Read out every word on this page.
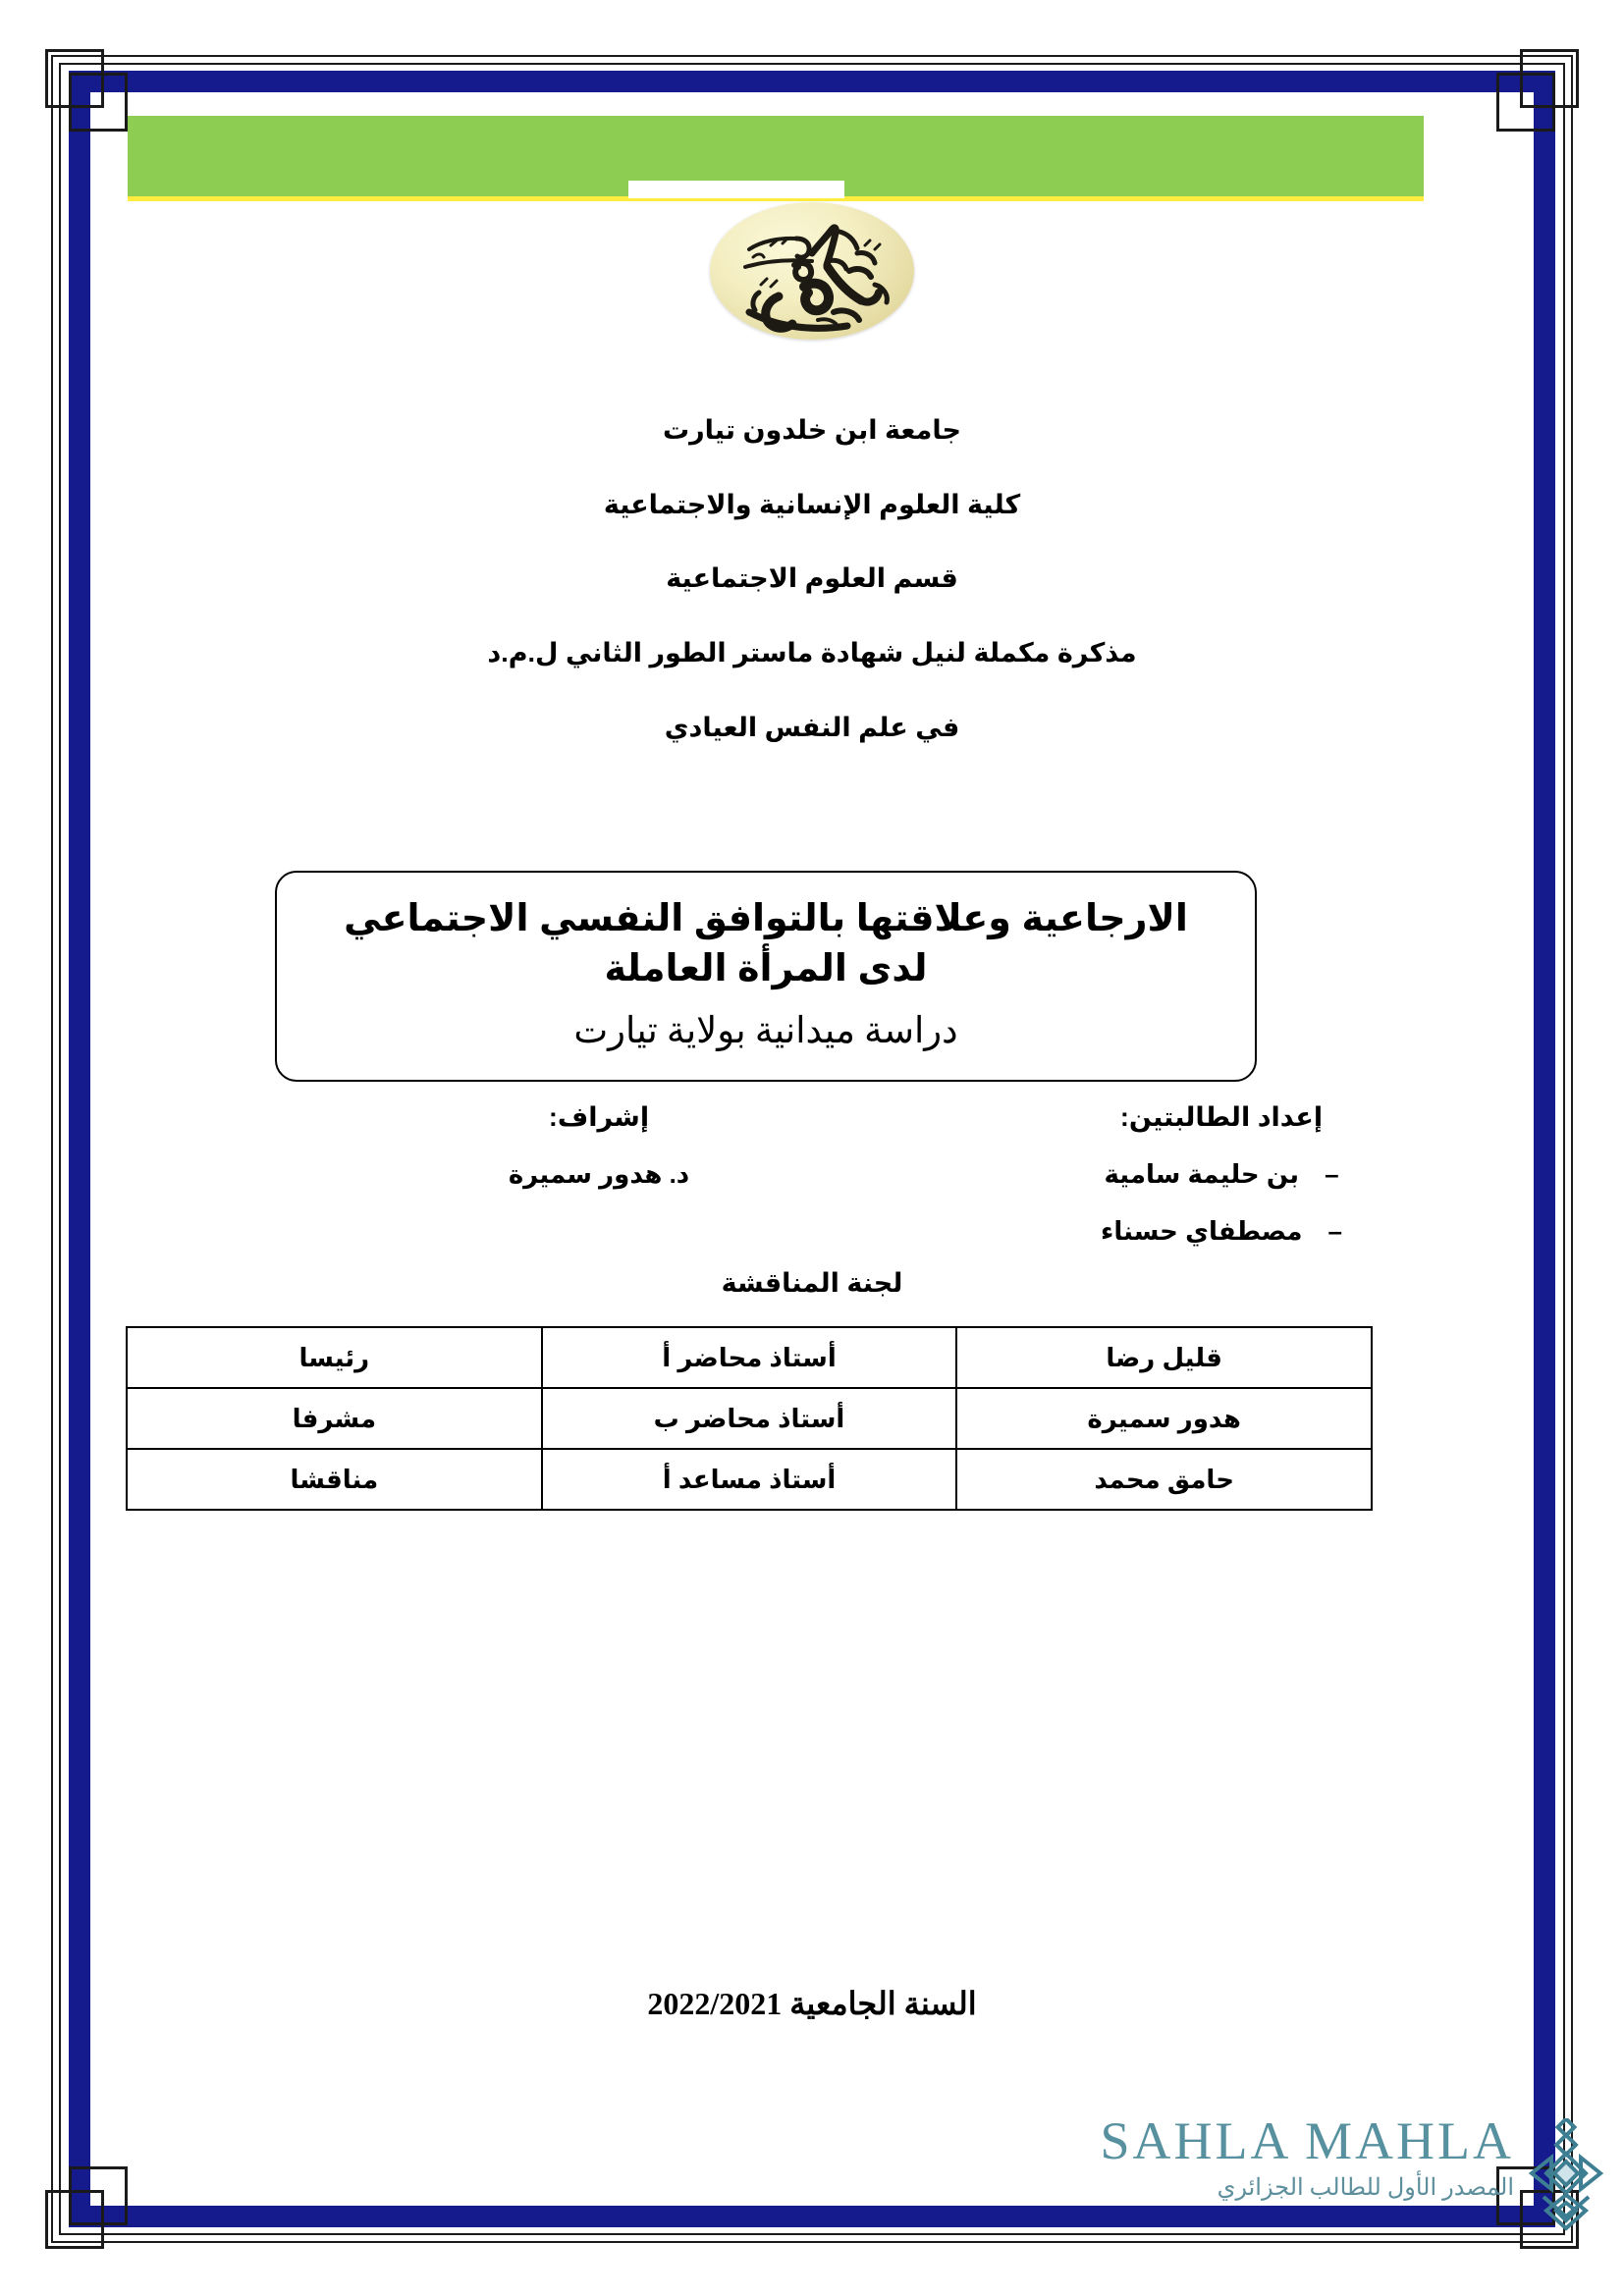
جامعة ابن خلدون تيارت
كلية العلوم الإنسانية والاجتماعية
قسم العلوم الاجتماعية
مذكرة مكملة لنيل شهادة ماستر الطور الثاني ل.م.د
في علم النفس العيادي
الارجاعية وعلاقتها بالتوافق النفسي الاجتماعي
لدى المرأة العاملة
دراسة ميدانية بولاية تيارت
إعداد الطالبتين:
–
بن حليمة سامية
–
مصطفاي حسناء
إشراف:
د. هدور سميرة
لجنة المناقشة
قليل رضا	أستاذ محاضر أ	رئيسا
هدور سميرة	أستاذ محاضر ب	مشرفا
حامق محمد	أستاذ مساعد أ	مناقشا
السنة الجامعية 2022/2021
SAHLA MAHLA
المصدر الأول للطالب الجزائري
